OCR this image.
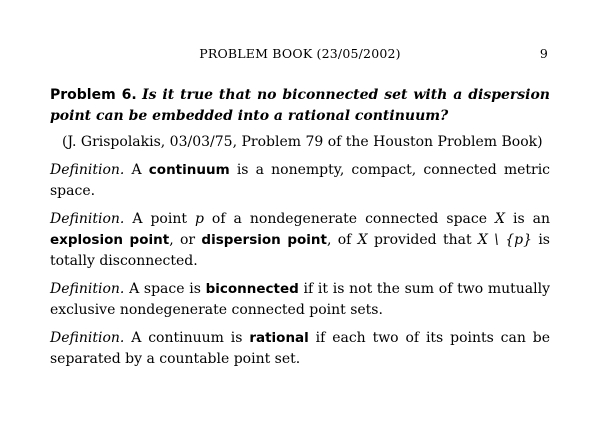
PROBLEM BOOK (23/05/2002)	9

Problem 6. Is it true that no biconnected set with a dispersion point can be embedded into a rational continuum?

(J. Grispolakis, 03/03/75, Problem 79 of the Houston Problem Book)

Definition. A continuum is a nonempty, compact, connected metric space.

Definition. A point p of a nondegenerate connected space X is an explosion point, or dispersion point, of X provided that X \ {p} is totally disconnected.

Definition. A space is biconnected if it is not the sum of two mutually exclusive nondegenerate connected point sets.

Definition. A continuum is rational if each two of its points can be separated by a countable point set.
